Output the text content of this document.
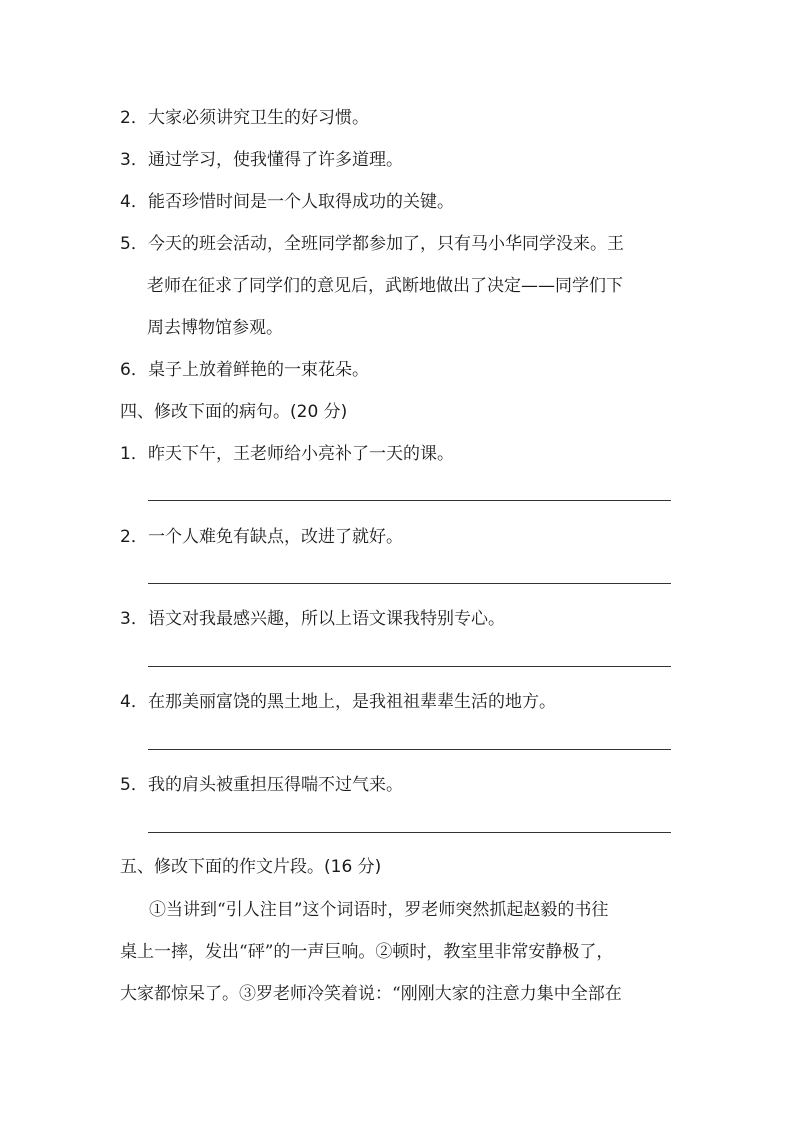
2．大家必须讲究卫生的好习惯。
3．通过学习，使我懂得了许多道理。
4．能否珍惜时间是一个人取得成功的关键。
5．今天的班会活动，全班同学都参加了，只有马小华同学没来。王
老师在征求了同学们的意见后，武断地做出了决定——同学们下
周去博物馆参观。
6．桌子上放着鲜艳的一束花朵。
四、修改下面的病句。(20 分)
1．昨天下午，王老师给小亮补了一天的课。
2．一个人难免有缺点，改进了就好。
3．语文对我最感兴趣，所以上语文课我特别专心。
4．在那美丽富饶的黑土地上，是我祖祖辈辈生活的地方。
5．我的肩头被重担压得喘不过气来。
五、修改下面的作文片段。(16 分)
①当讲到“引人注目”这个词语时，罗老师突然抓起赵毅的书往
桌上一摔，发出“砰”的一声巨响。②顿时，教室里非常安静极了，
大家都惊呆了。③罗老师冷笑着说：“刚刚大家的注意力集中全部在
